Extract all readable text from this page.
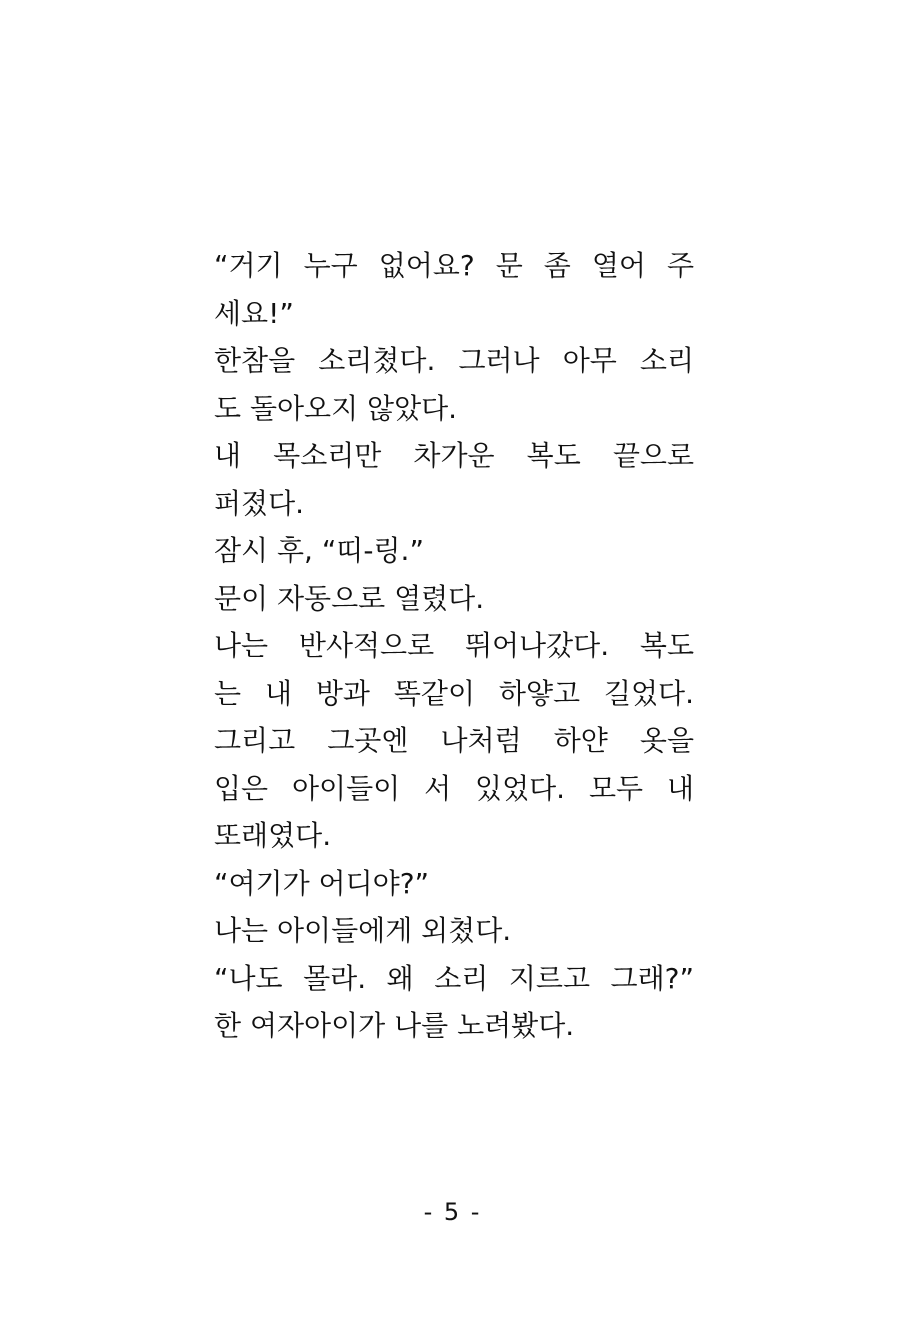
“거기 누구 없어요? 문 좀 열어 주
세요!”
한참을 소리쳤다. 그러나 아무 소리
도 돌아오지 않았다.
내 목소리만 차가운 복도 끝으로
퍼졌다.
잠시 후, “띠-링.”
문이 자동으로 열렸다.
나는 반사적으로 뛰어나갔다. 복도
는 내 방과 똑같이 하얗고 길었다.
그리고 그곳엔 나처럼 하얀 옷을
입은 아이들이 서 있었다. 모두 내
또래였다.
“여기가 어디야?”
나는 아이들에게 외쳤다.
“나도 몰라. 왜 소리 지르고 그래?”
한 여자아이가 나를 노려봤다.
- 5 -
